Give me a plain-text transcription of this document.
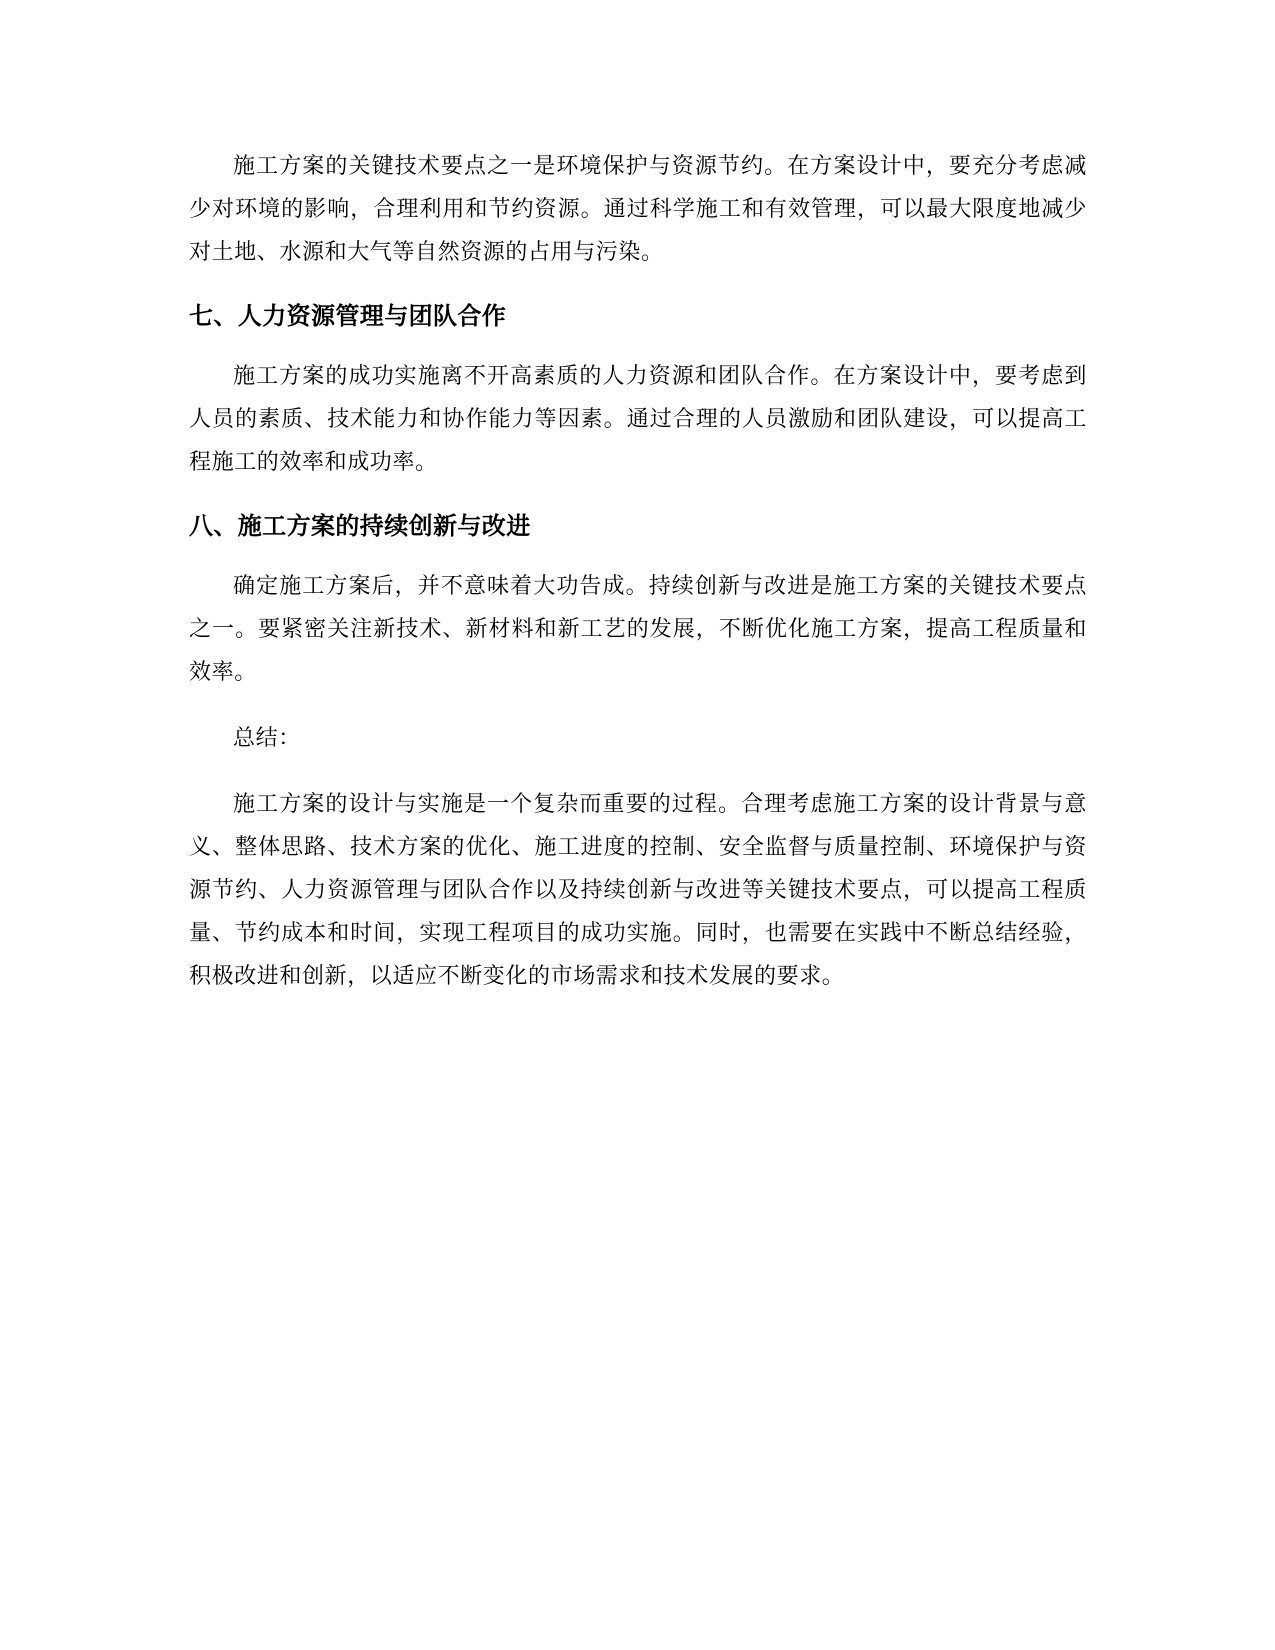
施工方案的关键技术要点之一是环境保护与资源节约。在方案设计中，要充分考虑减少对环境的影响，合理利用和节约资源。通过科学施工和有效管理，可以最大限度地减少对土地、水源和大气等自然资源的占用与污染。

七、人力资源管理与团队合作

施工方案的成功实施离不开高素质的人力资源和团队合作。在方案设计中，要考虑到人员的素质、技术能力和协作能力等因素。通过合理的人员激励和团队建设，可以提高工程施工的效率和成功率。

八、施工方案的持续创新与改进

确定施工方案后，并不意味着大功告成。持续创新与改进是施工方案的关键技术要点之一。要紧密关注新技术、新材料和新工艺的发展，不断优化施工方案，提高工程质量和效率。

总结：

施工方案的设计与实施是一个复杂而重要的过程。合理考虑施工方案的设计背景与意义、整体思路、技术方案的优化、施工进度的控制、安全监督与质量控制、环境保护与资源节约、人力资源管理与团队合作以及持续创新与改进等关键技术要点，可以提高工程质量、节约成本和时间，实现工程项目的成功实施。同时，也需要在实践中不断总结经验，积极改进和创新，以适应不断变化的市场需求和技术发展的要求。
